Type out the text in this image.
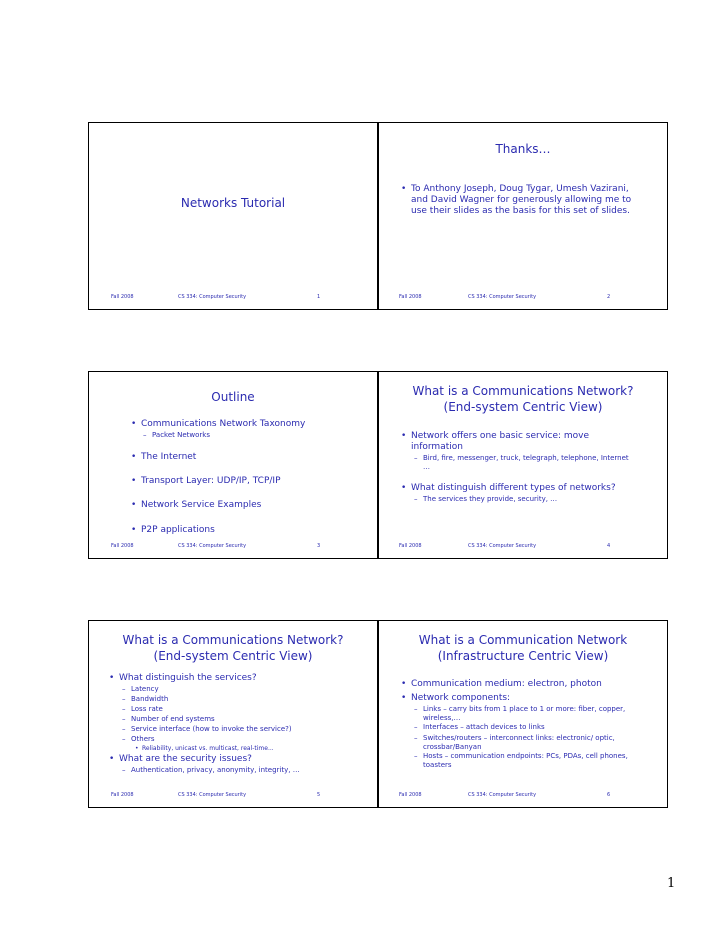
Networks Tutorial
Fall 2008	CS 334: Computer Security	1
Thanks…
• To Anthony Joseph, Doug Tygar, Umesh Vazirani, and David Wagner for generously allowing me to use their slides as the basis for this set of slides.
Fall 2008	CS 334: Computer Security	2
Outline
• Communications Network Taxonomy
– Packet Networks
• The Internet
• Transport Layer: UDP/IP, TCP/IP
• Network Service Examples
• P2P applications
Fall 2008	CS 334: Computer Security	3
What is a Communications Network?
(End-system Centric View)
• Network offers one basic service: move information
– Bird, fire, messenger, truck, telegraph, telephone, Internet …
• What distinguish different types of networks?
– The services they provide, security, …
Fall 2008	CS 334: Computer Security	4
What is a Communications Network?
(End-system Centric View)
• What distinguish the services?
– Latency
– Bandwidth
– Loss rate
– Number of end systems
– Service interface (how to invoke the service?)
– Others
• Reliability, unicast vs. multicast, real-time...
• What are the security issues?
– Authentication, privacy, anonymity, integrity, …
Fall 2008	CS 334: Computer Security	5
What is a Communication Network
(Infrastructure Centric View)
• Communication medium: electron, photon
• Network components:
– Links – carry bits from 1 place to 1 or more: fiber, copper, wireless,…
– Interfaces – attach devices to links
– Switches/routers – interconnect links: electronic/ optic, crossbar/Banyan
– Hosts – communication endpoints: PCs, PDAs, cell phones, toasters
Fall 2008	CS 334: Computer Security	6
1
